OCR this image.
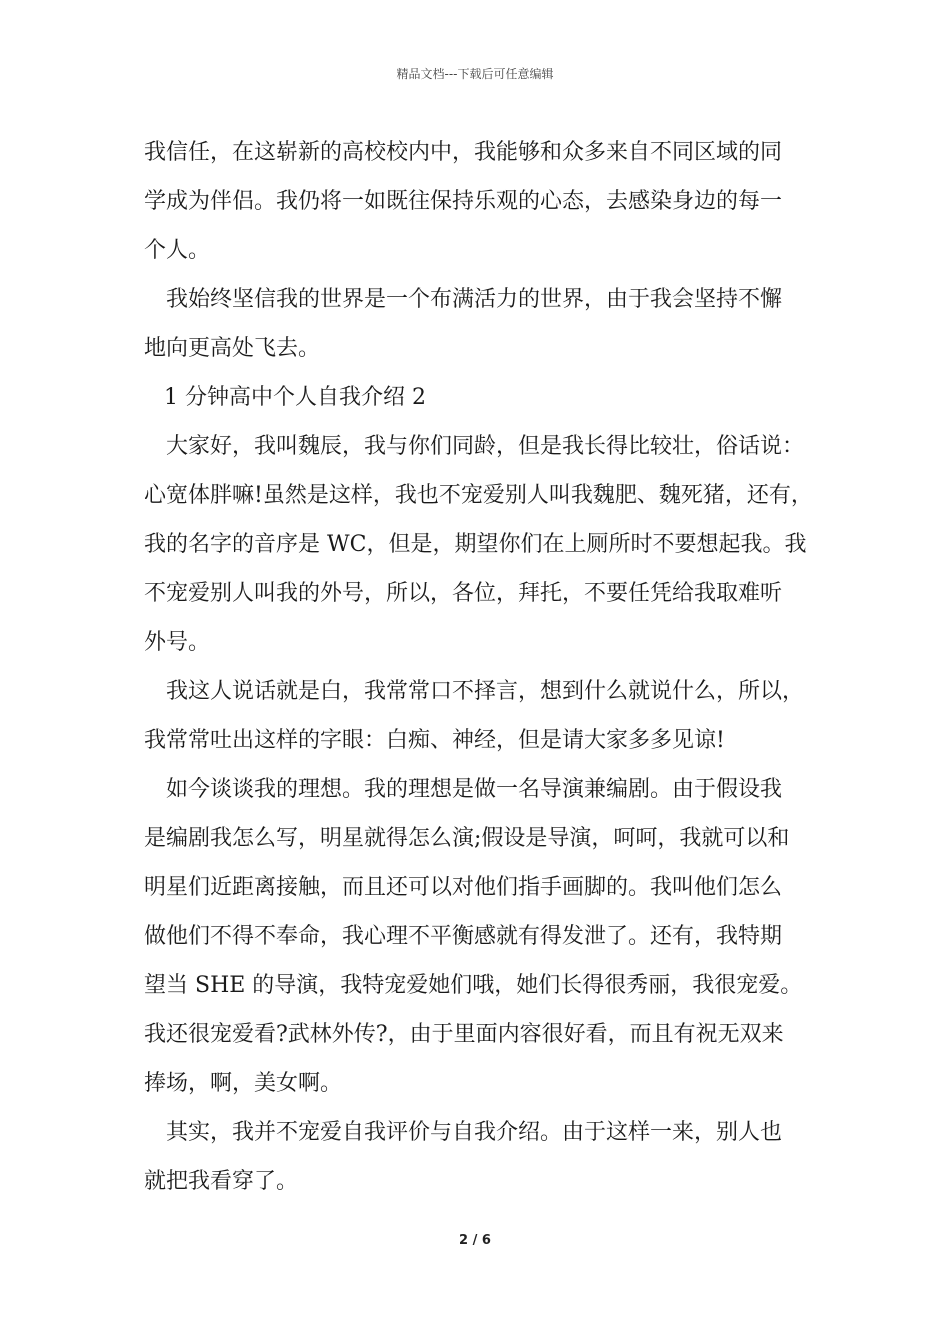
精品文档---下载后可任意编辑
我信任，在这崭新的高校校内中，我能够和众多来自不同区域的同
学成为伴侣。我仍将一如既往保持乐观的心态，去感染身边的每一
个人。
我始终坚信我的世界是一个布满活力的世界，由于我会坚持不懈
地向更高处飞去。
1 分钟高中个人自我介绍 2
大家好，我叫魏辰，我与你们同龄，但是我长得比较壮，俗话说：
心宽体胖嘛!虽然是这样，我也不宠爱别人叫我魏肥、魏死猪，还有，
我的名字的音序是 WC，但是，期望你们在上厕所时不要想起我。我
不宠爱别人叫我的外号，所以，各位，拜托，不要任凭给我取难听
外号。
我这人说话就是白，我常常口不择言，想到什么就说什么，所以，
我常常吐出这样的字眼：白痴、神经，但是请大家多多见谅!
如今谈谈我的理想。我的理想是做一名导演兼编剧。由于假设我
是编剧我怎么写，明星就得怎么演;假设是导演，呵呵，我就可以和
明星们近距离接触，而且还可以对他们指手画脚的。我叫他们怎么
做他们不得不奉命，我心理不平衡感就有得发泄了。还有，我特期
望当 SHE 的导演，我特宠爱她们哦，她们长得很秀丽，我很宠爱。
我还很宠爱看?武林外传?，由于里面内容很好看，而且有祝无双来
捧场，啊，美女啊。
其实，我并不宠爱自我评价与自我介绍。由于这样一来，别人也
就把我看穿了。
2 / 6
